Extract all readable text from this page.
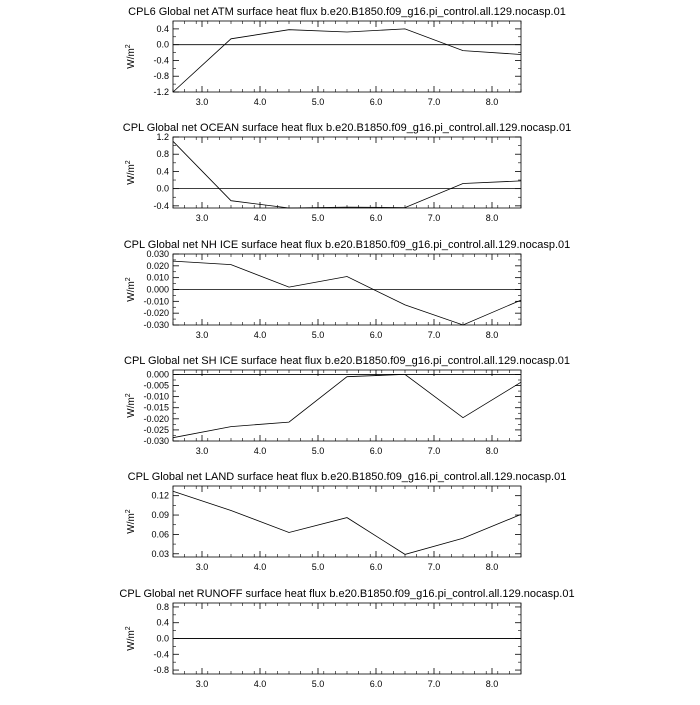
CPL6 Global net ATM surface heat flux b.e20.B1850.f09_g16.pi_control.all.129.nocasp.01
3.0	4.0	5.0	6.0	7.0	8.0
0.4
0.0
-0.4
-0.8
-1.2
$W/m^2$
CPL Global net OCEAN surface heat flux b.e20.B1850.f09_g16.pi_control.all.129.nocasp.01
3.0	4.0	5.0	6.0	7.0	8.0
1.2
0.8
0.4
0.0
-0.4
$W/m^2$
CPL Global net NH ICE surface heat flux b.e20.B1850.f09_g16.pi_control.all.129.nocasp.01
3.0	4.0	5.0	6.0	7.0	8.0
0.030
0.020
0.010
0.000
-0.010
-0.020
-0.030
$W/m^2$
CPL Global net SH ICE surface heat flux b.e20.B1850.f09_g16.pi_control.all.129.nocasp.01
3.0	4.0	5.0	6.0	7.0	8.0
0.000
-0.005
-0.010
-0.015
-0.020
-0.025
-0.030
$W/m^2$
CPL Global net LAND surface heat flux b.e20.B1850.f09_g16.pi_control.all.129.nocasp.01
3.0	4.0	5.0	6.0	7.0	8.0
0.12
0.09
0.06
0.03
$W/m^2$
CPL Global net RUNOFF surface heat flux b.e20.B1850.f09_g16.pi_control.all.129.nocasp.01
3.0	4.0	5.0	6.0	7.0	8.0
0.8
0.4
0.0
-0.4
-0.8
$W/m^2$
